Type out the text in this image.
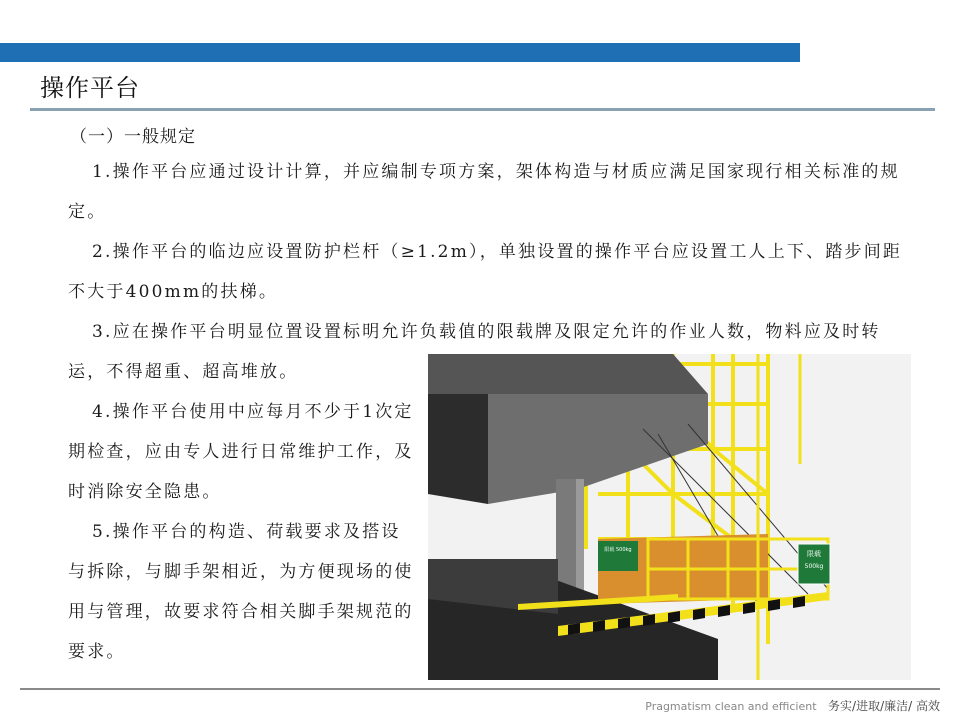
操作平台
（一）一般规定

1.操作平台应通过设计计算，并应编制专项方案，架体构造与材质应满足国家现行相关标准的规定。

2.操作平台的临边应设置防护栏杆（≥1.2m），单独设置的操作平台应设置工人上下、踏步间距不大于400mm的扶梯。

3.应在操作平台明显位置设置标明允许负载值的限载牌及限定允许的作业人数，物料应及时转运，不得超重、超高堆放。

4.操作平台使用中应每月不少于1次定期检查，应由专人进行日常维护工作，及时消除安全隐患。

5.操作平台的构造、荷载要求及搭设与拆除，与脚手架相近，为方便现场的使用与管理，故要求符合相关脚手架规范的要求。

限载 500kg	限载
500kg
Pragmatism clean and efficient 务实/进取/廉洁/ 高效
